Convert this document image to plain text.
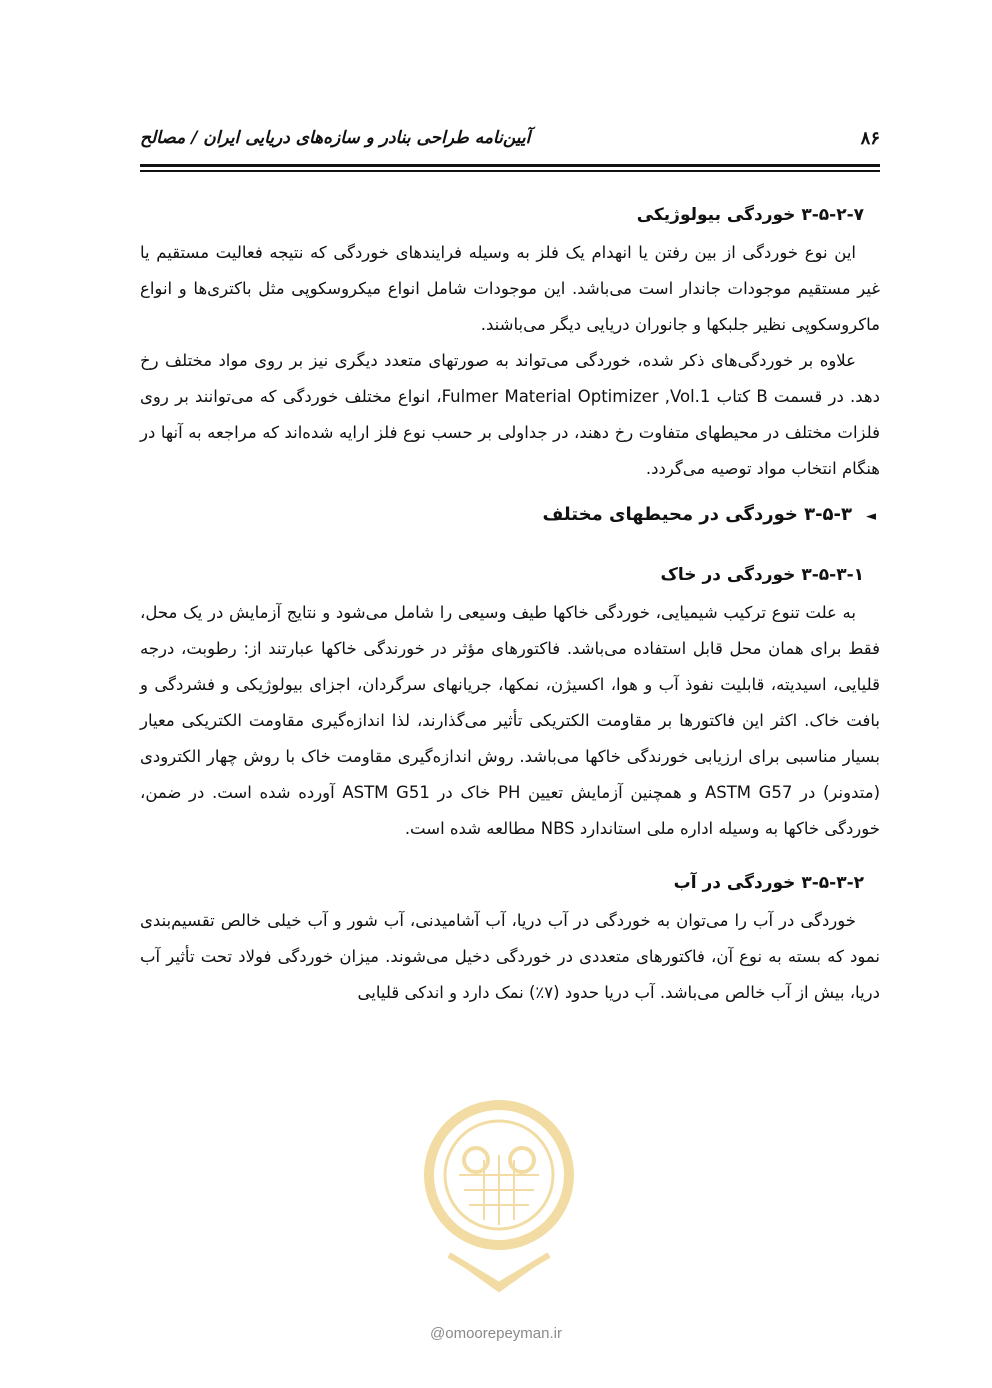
۸۶
آیین‌نامه طراحی بنادر و سازه‌های دریایی ایران / مصالح
۳-۵-۲-۷ خوردگی بیولوژیکی

این نوع خوردگی از بین رفتن یا انهدام یک فلز به وسیله فرایندهای خوردگی که نتیجه فعالیت مستقیم یا غیر مستقیم موجودات جاندار است می‌باشد. این موجودات شامل انواع میکروسکوپی مثل باکتری‌ها و انواع ماکروسکوپی نظیر جلبکها و جانوران دریایی دیگر می‌باشند.

علاوه بر خوردگی‌های ذکر شده، خوردگی می‌تواند به صورتهای متعدد دیگری نیز بر روی مواد مختلف رخ دهد. در قسمت B کتاب Fulmer Material Optimizer ,Vol.1، انواع مختلف خوردگی که می‌توانند بر روی فلزات مختلف در محیطهای متفاوت رخ دهند، در جداولی بر حسب نوع فلز ارایه شده‌اند که مراجعه به آنها در هنگام انتخاب مواد توصیه می‌گردد.

◄۳-۵-۳ خوردگی در محیطهای مختلف
۳-۵-۳-۱ خوردگی در خاک

به علت تنوع ترکیب شیمیایی، خوردگی خاکها طیف وسیعی را شامل می‌شود و نتایج آزمایش در یک محل، فقط برای همان محل قابل استفاده می‌باشد. فاکتورهای مؤثر در خورندگی خاکها عبارتند از: رطوبت، درجه قلیایی، اسیدیته، قابلیت نفوذ آب و هوا، اکسیژن، نمکها، جریانهای سرگردان، اجزای بیولوژیکی و فشردگی و بافت خاک. اکثر این فاکتورها بر مقاومت الکتریکی تأثیر می‌گذارند، لذا اندازه‌گیری مقاومت الکتریکی معیار بسیار مناسبی برای ارزیابی خورندگی خاکها می‌باشد. روش اندازه‌گیری مقاومت خاک با روش چهار الکترودی (متدونر) در ASTM G57 و همچنین آزمایش تعیین PH خاک در ASTM G51 آورده شده است. در ضمن، خوردگی خاکها به وسیله اداره ملی استاندارد NBS مطالعه شده است.

۳-۵-۳-۲ خوردگی در آب

خوردگی در آب را می‌توان به خوردگی در آب دریا، آب آشامیدنی، آب شور و آب خیلی خالص تقسیم‌بندی نمود که بسته به نوع آن، فاکتورهای متعددی در خوردگی دخیل می‌شوند. میزان خوردگی فولاد تحت تأثیر آب دریا، بیش از آب خالص می‌باشد. آب دریا حدود (۷٪) نمک دارد و اندکی قلیایی

@omoorepeyman.ir
